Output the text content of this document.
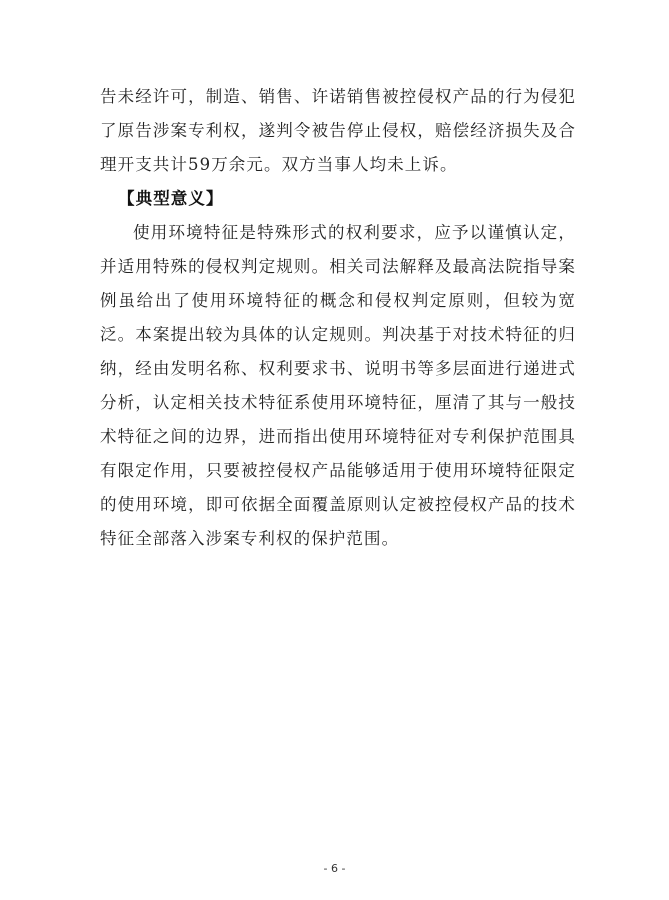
告未经许可，制造、销售、许诺销售被控侵权产品的行为侵犯了原告涉案专利权，遂判令被告停止侵权，赔偿经济损失及合理开支共计59万余元。双方当事人均未上诉。

【典型意义】

使用环境特征是特殊形式的权利要求，应予以谨慎认定，并适用特殊的侵权判定规则。相关司法解释及最高法院指导案例虽给出了使用环境特征的概念和侵权判定原则，但较为宽泛。本案提出较为具体的认定规则。判决基于对技术特征的归纳，经由发明名称、权利要求书、说明书等多层面进行递进式分析，认定相关技术特征系使用环境特征，厘清了其与一般技术特征之间的边界，进而指出使用环境特征对专利保护范围具有限定作用，只要被控侵权产品能够适用于使用环境特征限定的使用环境，即可依据全面覆盖原则认定被控侵权产品的技术特征全部落入涉案专利权的保护范围。

- 6 -
